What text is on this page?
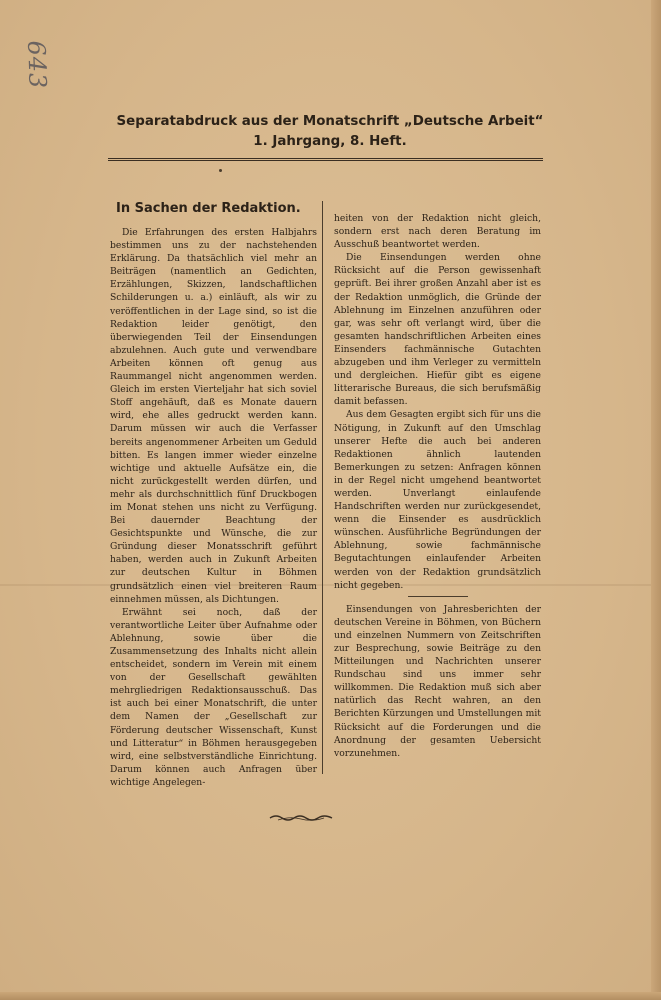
643
Separatabdruck aus der Monatschrift „Deutsche Arbeit“
1. Jahrgang, 8. Heft.

In Sachen der Redaktion.

Die Erfahrungen des ersten Halbjahrs bestimmen uns zu der nachstehenden Erklärung. Da thatsächlich viel mehr an Beiträgen (namentlich an Gedichten, Erzählungen, Skizzen, landschaftlichen Schilderungen u. a.) einläuft, als wir zu veröffentlichen in der Lage sind, so ist die Redaktion leider genötigt, den überwiegenden Teil der Einsendungen abzulehnen. Auch gute und verwendbare Arbeiten können oft genug aus Raummangel nicht angenommen werden. Gleich im ersten Vierteljahr hat sich soviel Stoff angehäuft, daß es Monate dauern wird, ehe alles gedruckt werden kann. Darum müssen wir auch die Verfasser bereits angenommener Arbeiten um Geduld bitten. Es langen immer wieder einzelne wichtige und aktuelle Aufsätze ein, die nicht zurückgestellt werden dürfen, und mehr als durchschnittlich fünf Druckbogen im Monat stehen uns nicht zu Verfügung. Bei dauernder Beachtung der Gesichtspunkte und Wünsche, die zur Gründung dieser Monatsschrift geführt haben, werden auch in Zukunft Arbeiten zur deutschen Kultur in Böhmen grundsätzlich einen viel breiteren Raum einnehmen müssen, als Dichtungen.

Erwähnt sei noch, daß der verantwortliche Leiter über Aufnahme oder Ablehnung, sowie über die Zusammensetzung des Inhalts nicht allein entscheidet, sondern im Verein mit einem von der Gesellschaft gewählten mehrgliedrigen Redaktionsausschuß. Das ist auch bei einer Monatschrift, die unter dem Namen der „Gesellschaft zur Förderung deutscher Wissenschaft, Kunst und Litteratur“ in Böhmen herausgegeben wird, eine selbstverständliche Einrichtung. Darum können auch Anfragen über wichtige Angelegen-

heiten von der Redaktion nicht gleich, sondern erst nach deren Beratung im Ausschuß beantwortet werden.

Die Einsendungen werden ohne Rücksicht auf die Person gewissenhaft geprüft. Bei ihrer großen Anzahl aber ist es der Redaktion unmöglich, die Gründe der Ablehnung im Einzelnen anzuführen oder gar, was sehr oft verlangt wird, über die gesamten handschriftlichen Arbeiten eines Einsenders fachmännische Gutachten abzugeben und ihm Verleger zu vermitteln und dergleichen. Hiefür gibt es eigene litterarische Bureaus, die sich berufsmäßig damit befassen.

Aus dem Gesagten ergibt sich für uns die Nötigung, in Zukunft auf den Umschlag unserer Hefte die auch bei anderen Redaktionen ähnlich lautenden Bemerkungen zu setzen: Anfragen können in der Regel nicht umgehend beantwortet werden. Unverlangt einlaufende Handschriften werden nur zurückgesendet, wenn die Einsender es ausdrücklich wünschen. Ausführliche Begründungen der Ablehnung, sowie fachmännische Begutachtungen einlaufender Arbeiten werden von der Redaktion grundsätzlich nicht gegeben.

Einsendungen von Jahresberichten der deutschen Vereine in Böhmen, von Büchern und einzelnen Nummern von Zeitschriften zur Besprechung, sowie Beiträge zu den Mitteilungen und Nachrichten unserer Rundschau sind uns immer sehr willkommen. Die Redaktion muß sich aber natürlich das Recht wahren, an den Berichten Kürzungen und Umstellungen mit Rücksicht auf die Forderungen und die Anordnung der gesamten Uebersicht vorzunehmen.
